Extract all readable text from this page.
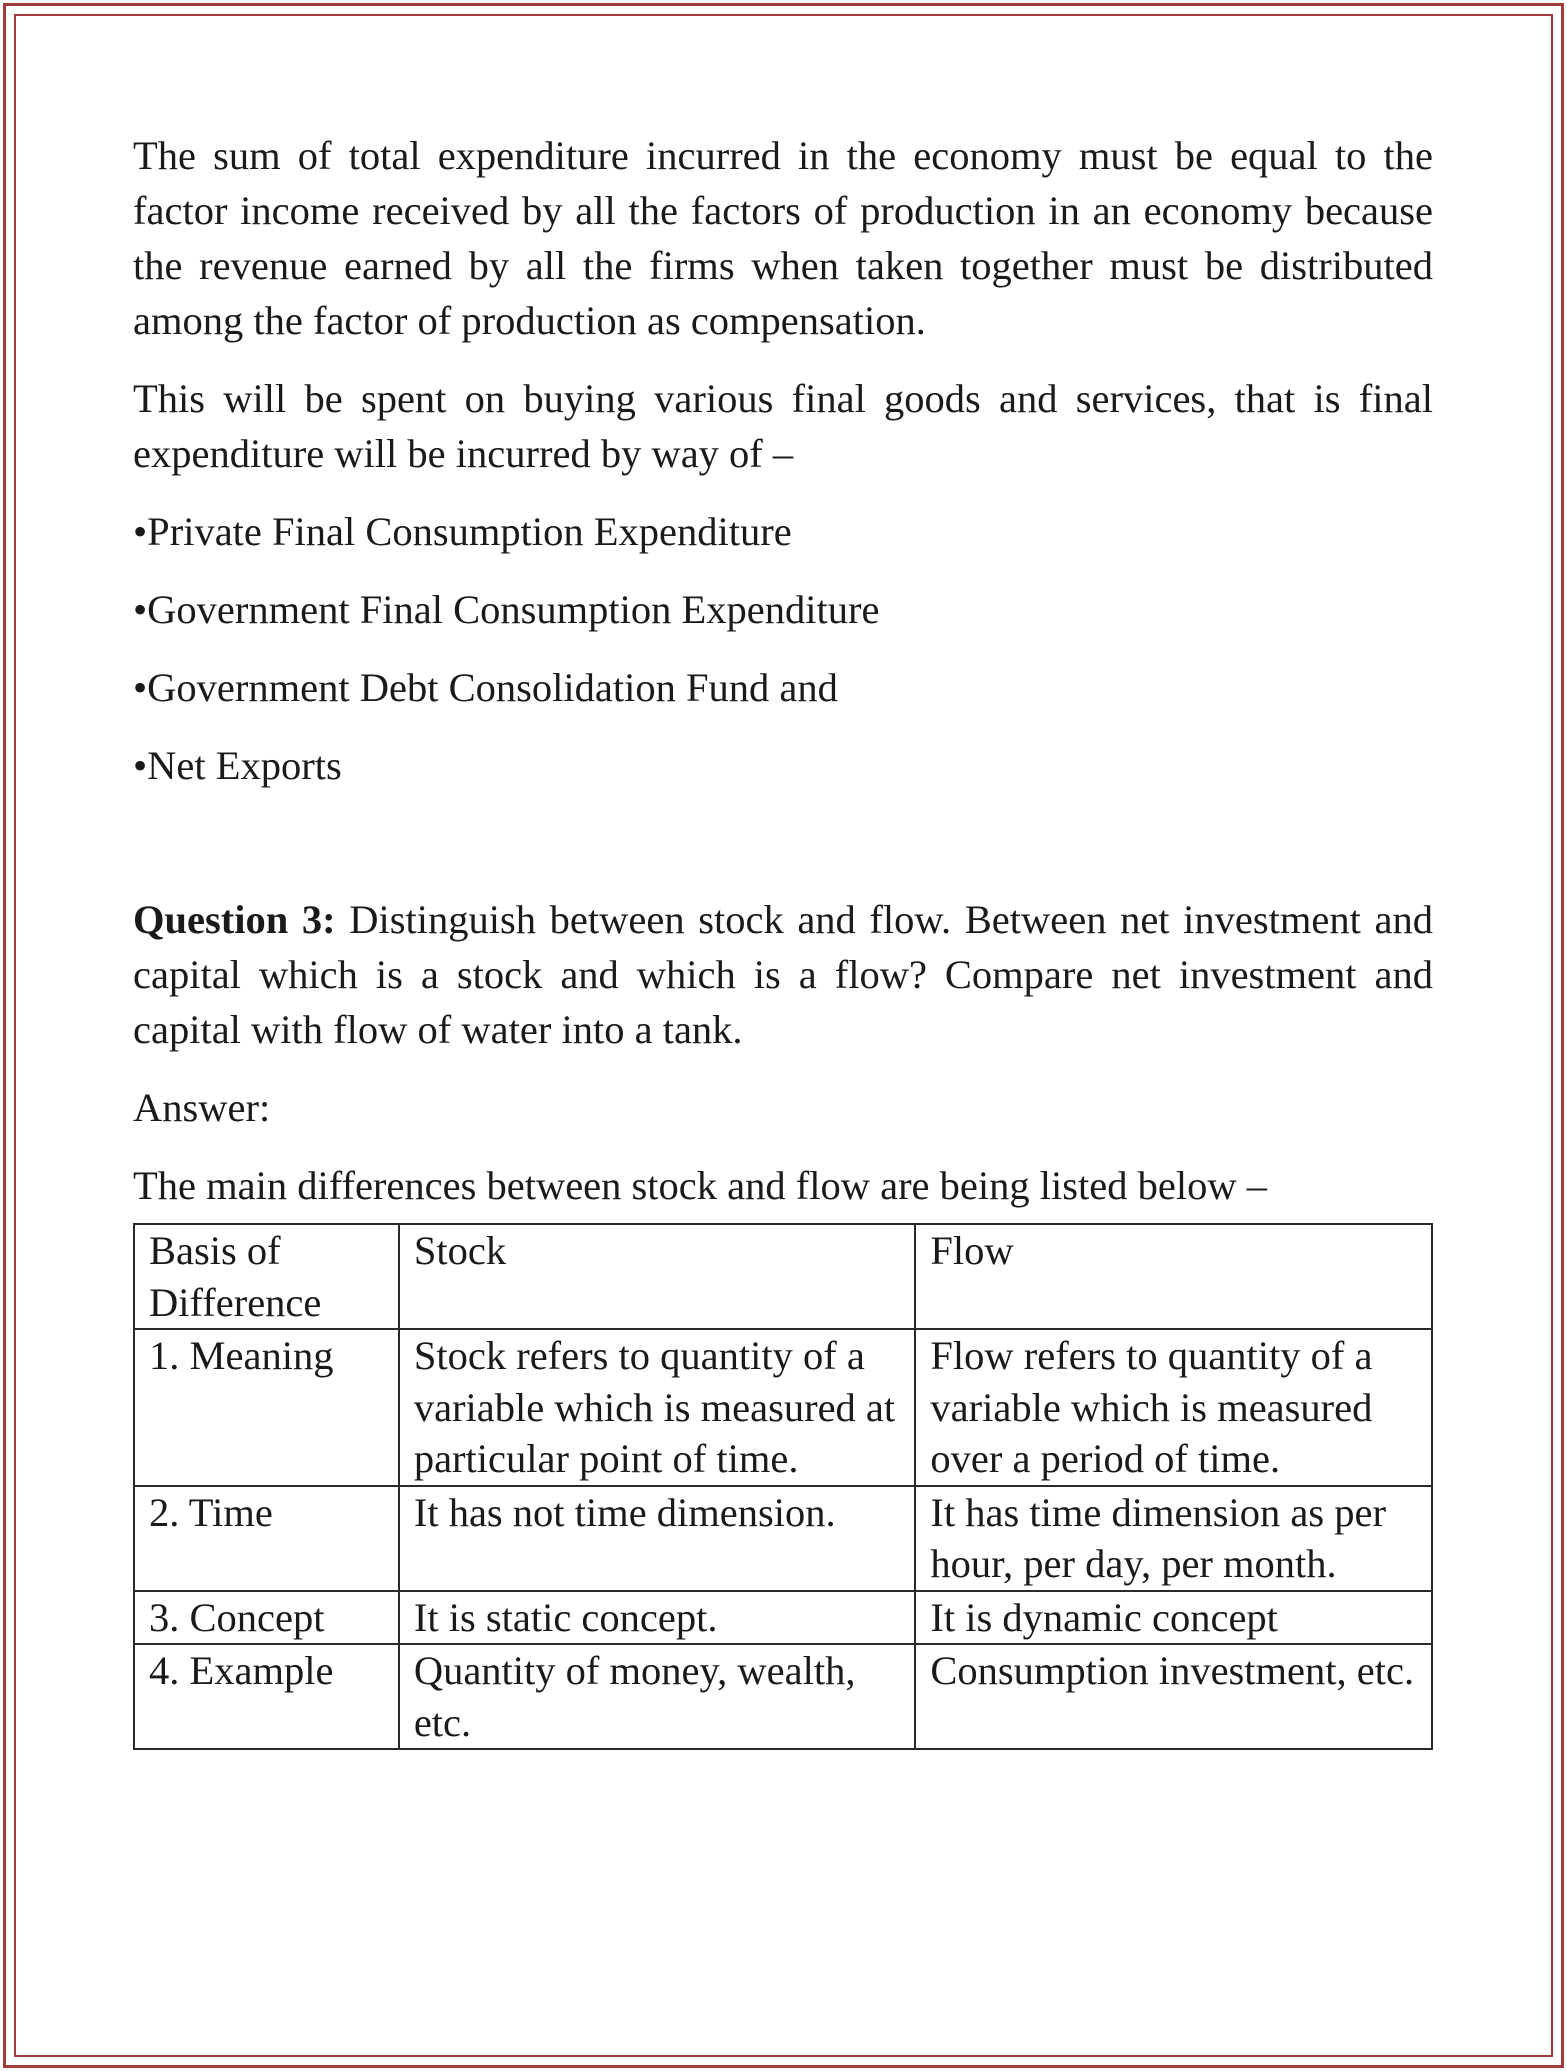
The sum of total expenditure incurred in the economy must be equal to the factor income received by all the factors of production in an economy because the revenue earned by all the firms when taken together must be distributed among the factor of production as compensation.

This will be spent on buying various final goods and services, that is final expenditure will be incurred by way of –

•Private Final Consumption Expenditure

•Government Final Consumption Expenditure

•Government Debt Consolidation Fund and

•Net Exports

Question 3: Distinguish between stock and flow. Between net investment and capital which is a stock and which is a flow? Compare net investment and capital with flow of water into a tank.

Answer:

The main differences between stock and flow are being listed below –

Basis of Difference	Stock	Flow
1. Meaning	Stock refers to quantity of a variable which is measured at particular point of time.	Flow refers to quantity of a variable which is measured over a period of time.
2. Time	It has not time dimension.	It has time dimension as per hour, per day, per month.
3. Concept	It is static concept.	It is dynamic concept
4. Example	Quantity of money, wealth, etc.	Consumption investment, etc.
